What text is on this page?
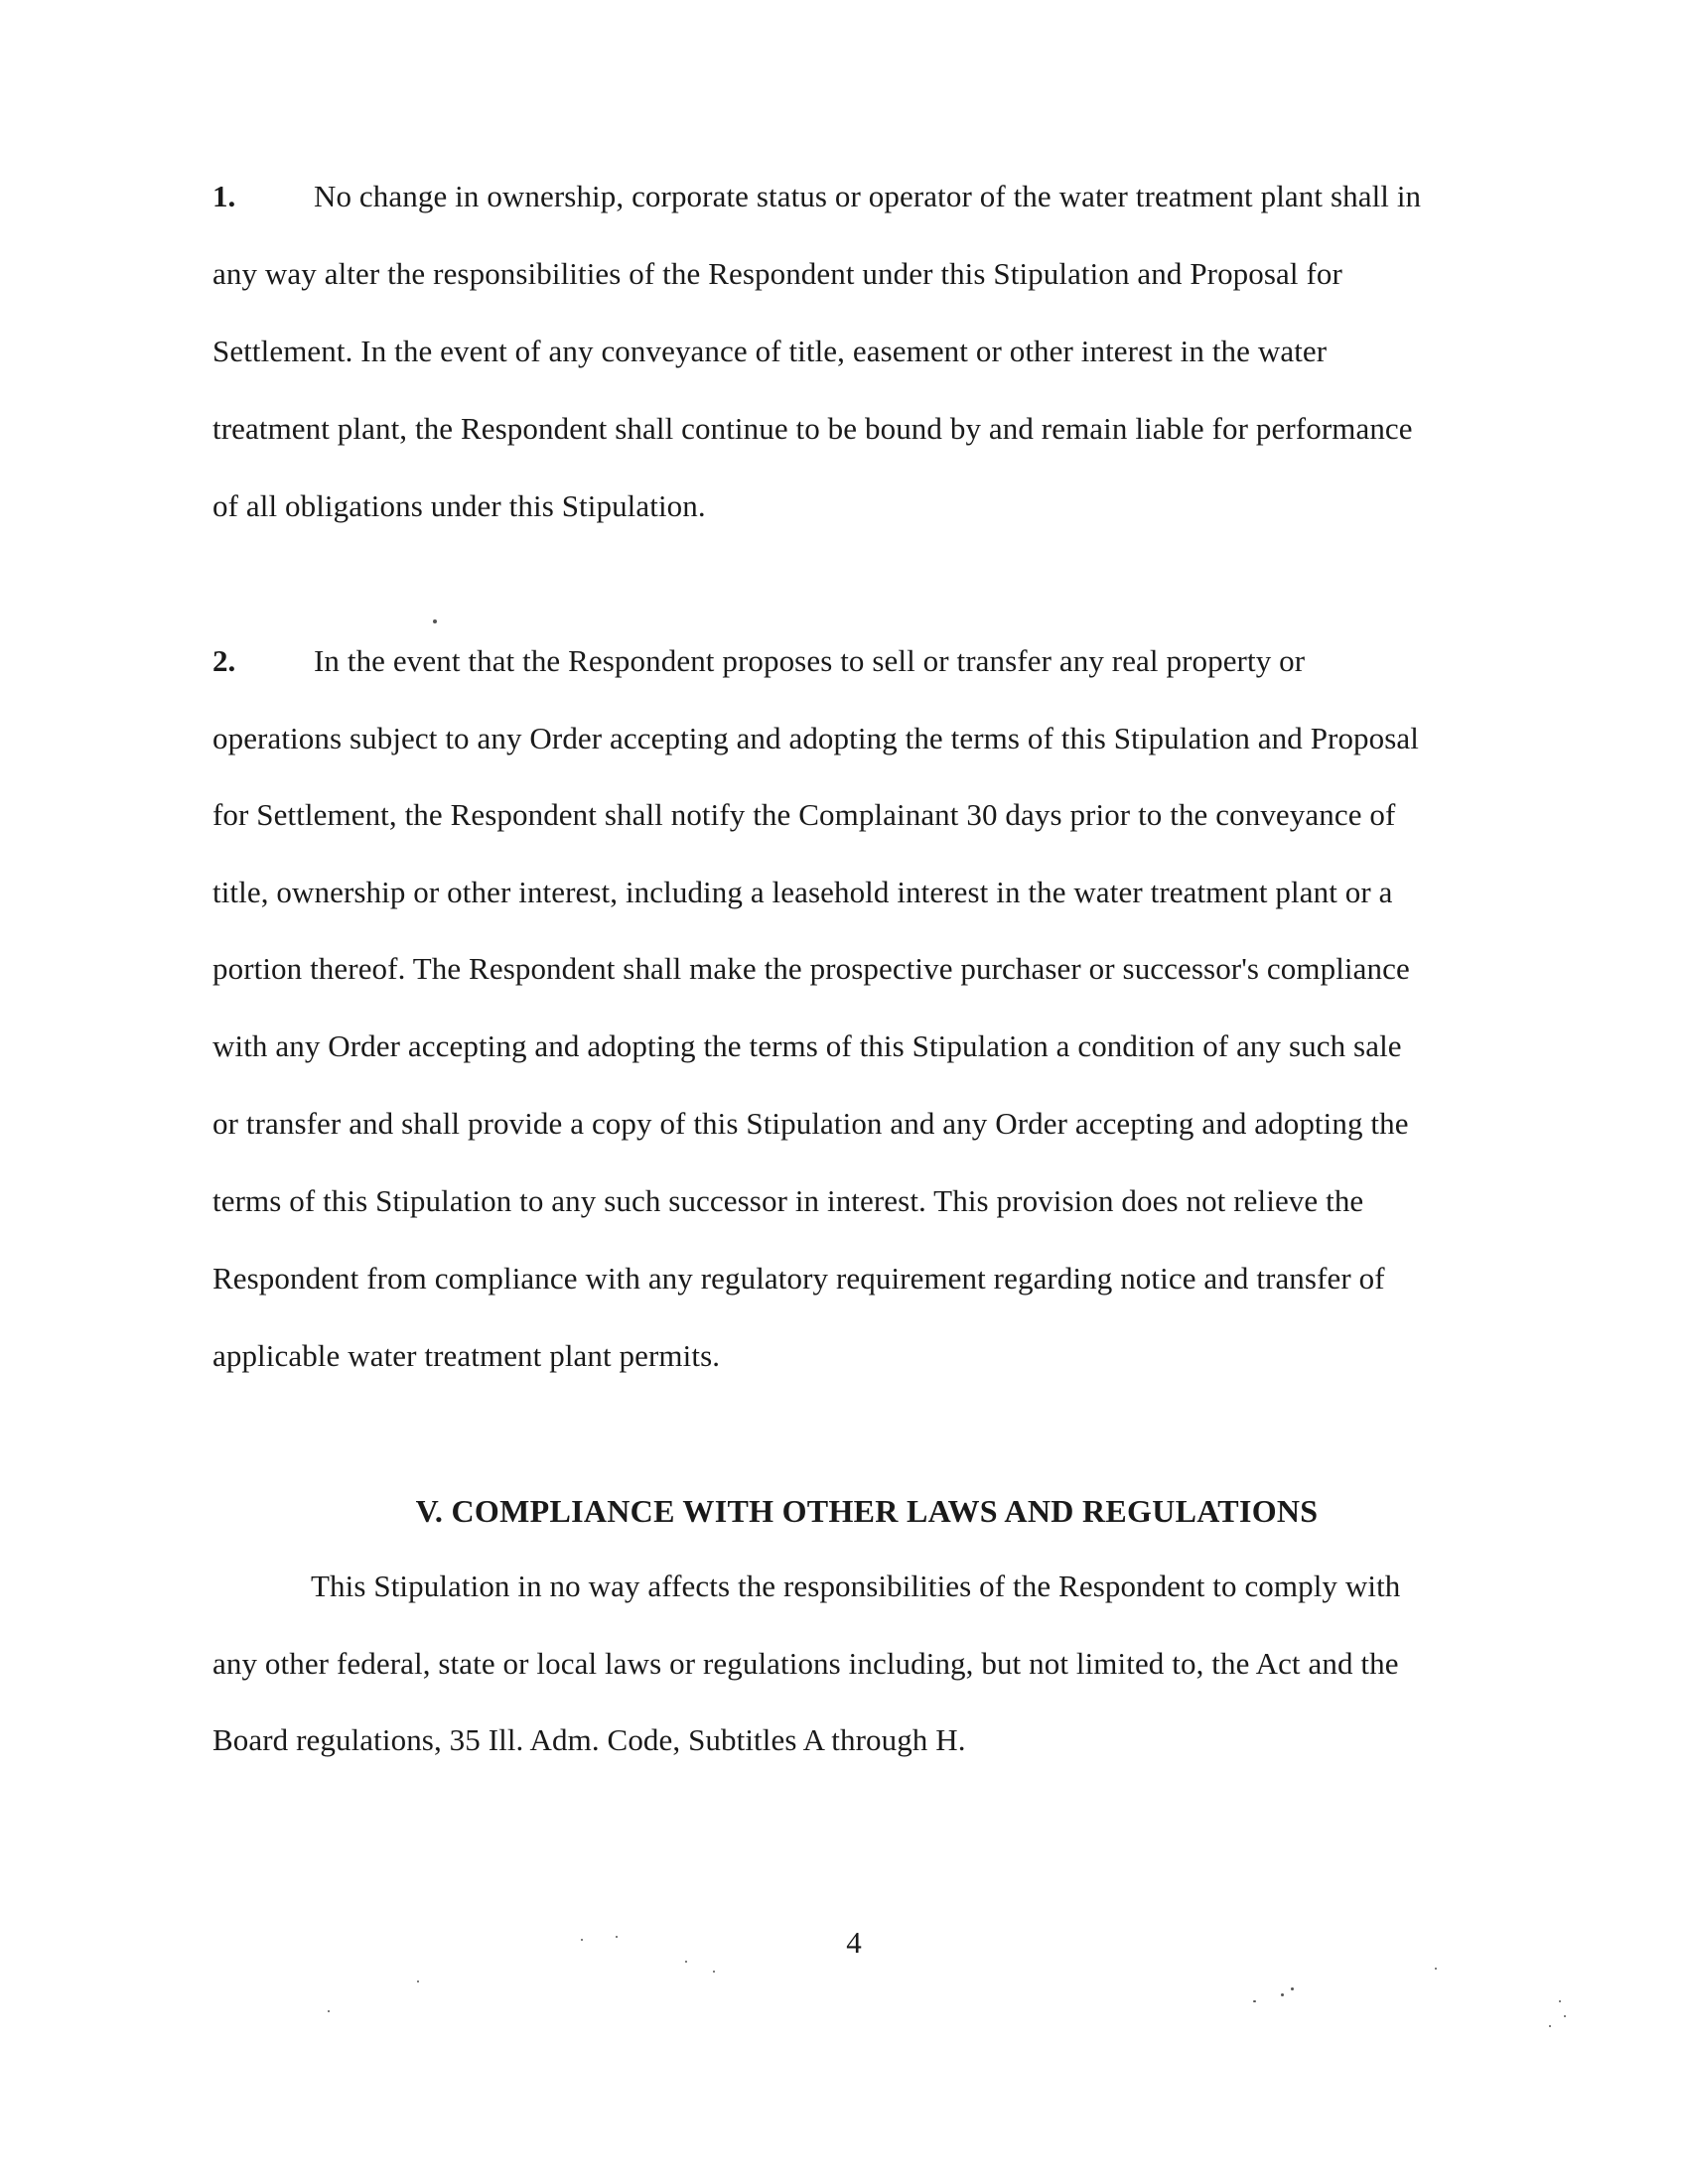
1.	No change in ownership, corporate status or operator of the water treatment plant shall in
any way alter the responsibilities of the Respondent under this Stipulation and Proposal for
Settlement. In the event of any conveyance of title, easement or other interest in the water
treatment plant, the Respondent shall continue to be bound by and remain liable for performance
of all obligations under this Stipulation.
2.	In the event that the Respondent proposes to sell or transfer any real property or
operations subject to any Order accepting and adopting the terms of this Stipulation and Proposal
for Settlement, the Respondent shall notify the Complainant 30 days prior to the conveyance of
title, ownership or other interest, including a leasehold interest in the water treatment plant or a
portion thereof. The Respondent shall make the prospective purchaser or successor's compliance
with any Order accepting and adopting the terms of this Stipulation a condition of any such sale
or transfer and shall provide a copy of this Stipulation and any Order accepting and adopting the
terms of this Stipulation to any such successor in interest. This provision does not relieve the
Respondent from compliance with any regulatory requirement regarding notice and transfer of
applicable water treatment plant permits.
V. COMPLIANCE WITH OTHER LAWS AND REGULATIONS
This Stipulation in no way affects the responsibilities of the Respondent to comply with
any other federal, state or local laws or regulations including, but not limited to, the Act and the
Board regulations, 35 Ill. Adm. Code, Subtitles A through H.
4
